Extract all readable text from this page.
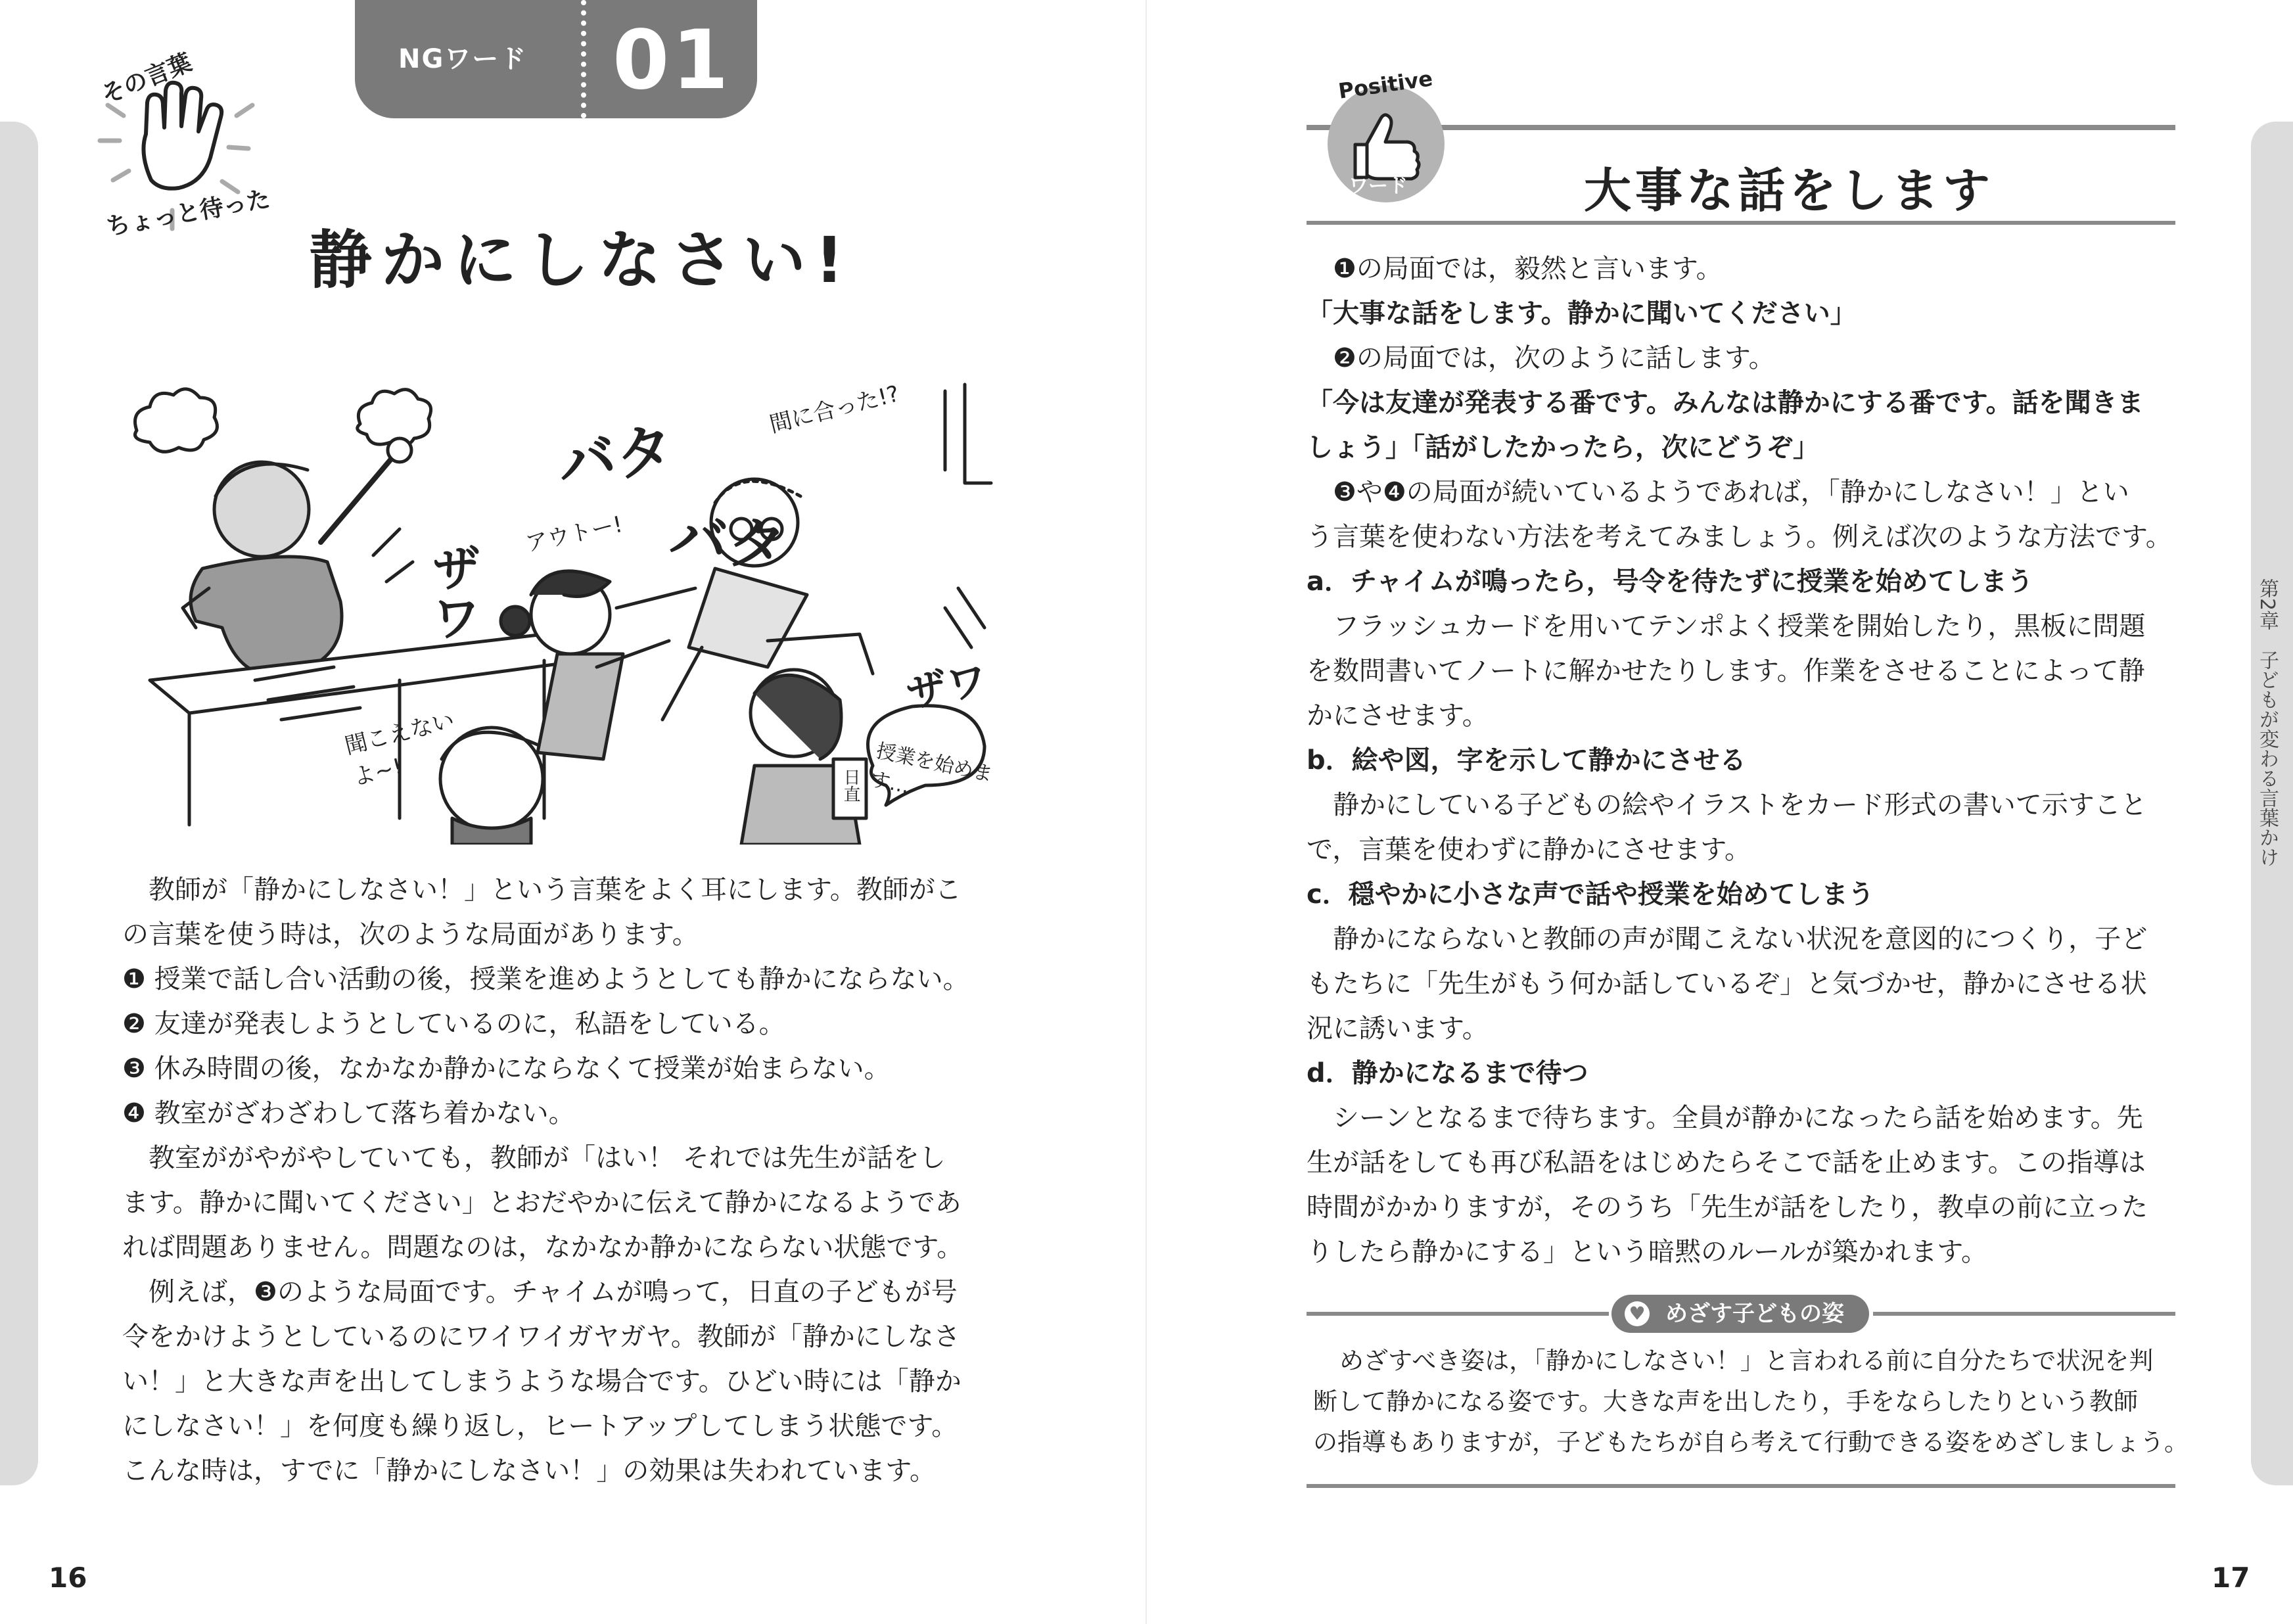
NGワード 01
その言葉
ちょっと待った
静かにしなさい!
バタ
バタ
ザワ
ザワ
間に合った!?
アウトー!
聞こえないよ~!	授業を始めます…
日直

教師が「静かにしなさい！」という言葉をよく耳にします。教師がこ

の言葉を使う時は，次のような局面があります。

❶ 授業で話し合い活動の後，授業を進めようとしても静かにならない。

❷ 友達が発表しようとしているのに，私語をしている。

❸ 休み時間の後，なかなか静かにならなくて授業が始まらない。

❹ 教室がざわざわして落ち着かない。

教室ががやがやしていても，教師が「はい！ それでは先生が話をし

ます。静かに聞いてください」とおだやかに伝えて静かになるようであ

れば問題ありません。問題なのは，なかなか静かにならない状態です。

例えば，❸のような局面です。チャイムが鳴って，日直の子どもが号

令をかけようとしているのにワイワイガヤガヤ。教師が「静かにしなさ

い！」と大きな声を出してしまうような場合です。ひどい時には「静か

にしなさい！」を何度も繰り返し，ヒートアップしてしまう状態です。

こんな時は，すでに「静かにしなさい！」の効果は失われています。

16
Positive
ワード	大事な話をします

❶の局面では，毅然と言います。

「大事な話をします。静かに聞いてください」

❷の局面では，次のように話します。

「今は友達が発表する番です。みんなは静かにする番です。話を聞きま

しょう」「話がしたかったら，次にどうぞ」

❸や❹の局面が続いているようであれば，「静かにしなさい！」とい

う言葉を使わない方法を考えてみましょう。例えば次のような方法です。

a．チャイムが鳴ったら，号令を待たずに授業を始めてしまう

フラッシュカードを用いてテンポよく授業を開始したり，黒板に問題

を数問書いてノートに解かせたりします。作業をさせることによって静

かにさせます。

b．絵や図，字を示して静かにさせる

静かにしている子どもの絵やイラストをカード形式の書いて示すこと

で，言葉を使わずに静かにさせます。

c．穏やかに小さな声で話や授業を始めてしまう

静かにならないと教師の声が聞こえない状況を意図的につくり，子ど

もたちに「先生がもう何か話しているぞ」と気づかせ，静かにさせる状

況に誘います。

d．静かになるまで待つ

シーンとなるまで待ちます。全員が静かになったら話を始めます。先

生が話をしても再び私語をはじめたらそこで話を止めます。この指導は

時間がかかりますが，そのうち「先生が話をしたり，教卓の前に立った

りしたら静かにする」という暗黙のルールが築かれます。

♥ めざす子どもの姿

めざすべき姿は，「静かにしなさい！」と言われる前に自分たちで状況を判

断して静かになる姿です。大きな声を出したり，手をならしたりという教師

の指導もありますが，子どもたちが自ら考えて行動できる姿をめざしましょう。

第2章　子どもが変わる言葉かけ
17
